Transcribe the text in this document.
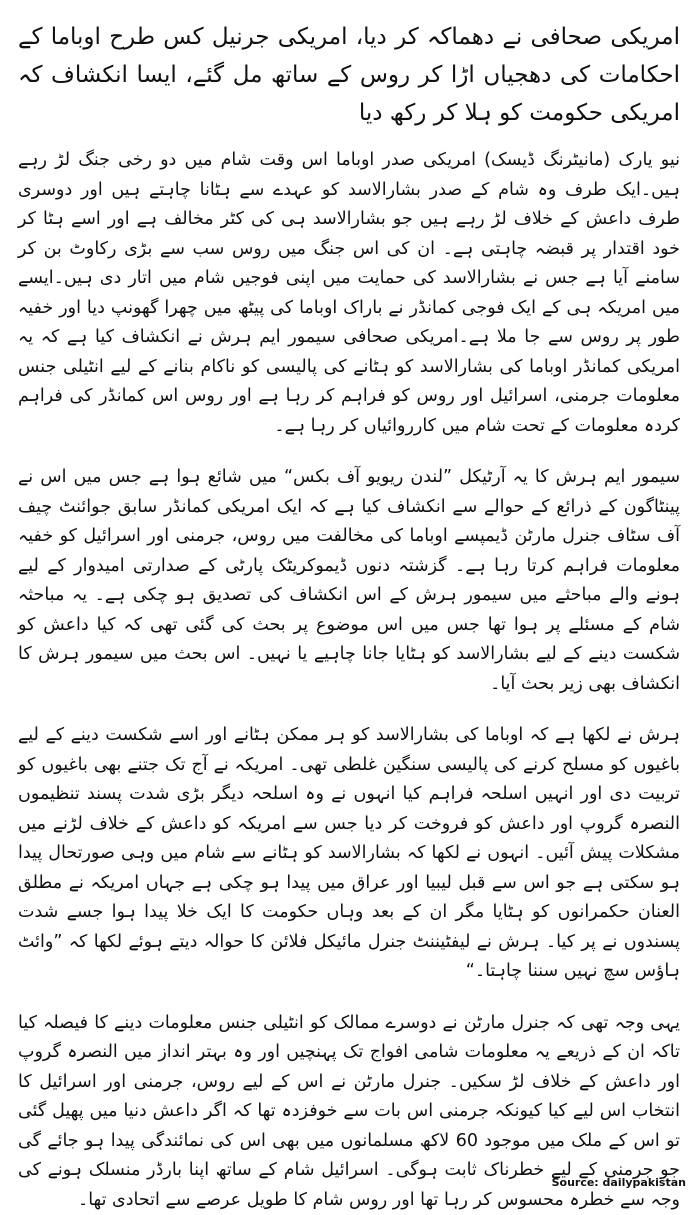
امریکی صحافی نے دھماکہ کر دیا، امریکی جرنیل کس طرح اوباما کے احکامات کی دھجیاں اڑا کر روس کے ساتھ مل گئے، ایسا انکشاف کہ امریکی حکومت کو ہلا کر رکھ دیا

نیو یارک (مانیٹرنگ ڈیسک) امریکی صدر اوباما اس وقت شام میں دو رخی جنگ لڑ رہے ہیں۔ایک طرف وہ شام کے صدر بشارالاسد کو عہدے سے ہٹانا چاہتے ہیں اور دوسری طرف داعش کے خلاف لڑ رہے ہیں جو بشارالاسد ہی کی کٹر مخالف ہے اور اسے ہٹا کر خود اقتدار پر قبضہ چاہتی ہے۔ ان کی اس جنگ میں روس سب سے بڑی رکاوٹ بن کر سامنے آیا ہے جس نے بشارالاسد کی حمایت میں اپنی فوجیں شام میں اتار دی ہیں۔ایسے میں امریکہ ہی کے ایک فوجی کمانڈر نے باراک اوباما کی پیٹھ میں چھرا گھونپ دیا اور خفیہ طور پر روس سے جا ملا ہے۔امریکی صحافی سیمور ایم ہرش نے انکشاف کیا ہے کہ یہ امریکی کمانڈر اوباما کی بشارالاسد کو ہٹانے کی پالیسی کو ناکام بنانے کے لیے انٹیلی جنس معلومات جرمنی، اسرائیل اور روس کو فراہم کر رہا ہے اور روس اس کمانڈر کی فراہم کردہ معلومات کے تحت شام میں کارروائیاں کر رہا ہے۔

سیمور ایم ہرش کا یہ آرٹیکل ”لندن ریویو آف بکس“ میں شائع ہوا ہے جس میں اس نے پینٹاگون کے ذرائع کے حوالے سے انکشاف کیا ہے کہ ایک امریکی کمانڈر سابق جوائنٹ چیف آف سٹاف جنرل مارٹن ڈیمپسے اوباما کی مخالفت میں روس، جرمنی اور اسرائیل کو خفیہ معلومات فراہم کرتا رہا ہے۔ گزشتہ دنوں ڈیموکریٹک پارٹی کے صدارتی امیدوار کے لیے ہونے والے مباحثے میں سیمور ہرش کے اس انکشاف کی تصدیق ہو چکی ہے۔ یہ مباحثہ شام کے مسئلے پر ہوا تھا جس میں اس موضوع پر بحث کی گئی تھی کہ کیا داعش کو شکست دینے کے لیے بشارالاسد کو ہٹایا جانا چاہیے یا نہیں۔ اس بحث میں سیمور ہرش کا انکشاف بھی زیر بحث آیا۔

ہرش نے لکھا ہے کہ اوباما کی بشارالاسد کو ہر ممکن ہٹانے اور اسے شکست دینے کے لیے باغیوں کو مسلح کرنے کی پالیسی سنگین غلطی تھی۔ امریکہ نے آج تک جتنے بھی باغیوں کو تربیت دی اور انہیں اسلحہ فراہم کیا انہوں نے وہ اسلحہ دیگر بڑی شدت پسند تنظیموں النصرہ گروپ اور داعش کو فروخت کر دیا جس سے امریکہ کو داعش کے خلاف لڑنے میں مشکلات پیش آئیں۔ انہوں نے لکھا کہ بشارالاسد کو ہٹانے سے شام میں وہی صورتحال پیدا ہو سکتی ہے جو اس سے قبل لیبیا اور عراق میں پیدا ہو چکی ہے جہاں امریکہ نے مطلق العنان حکمرانوں کو ہٹایا مگر ان کے بعد وہاں حکومت کا ایک خلا پیدا ہوا جسے شدت پسندوں نے پر کیا۔ ہرش نے لیفٹیننٹ جنرل مائیکل فلائن کا حوالہ دیتے ہوئے لکھا کہ ”وائٹ ہاؤس سچ نہیں سننا چاہتا۔“

یہی وجہ تھی کہ جنرل مارٹن نے دوسرے ممالک کو انٹیلی جنس معلومات دینے کا فیصلہ کیا تاکہ ان کے ذریعے یہ معلومات شامی افواج تک پہنچیں اور وہ بہتر انداز میں النصرہ گروپ اور داعش کے خلاف لڑ سکیں۔ جنرل مارٹن نے اس کے لیے روس، جرمنی اور اسرائیل کا انتخاب اس لیے کیا کیونکہ جرمنی اس بات سے خوفزدہ تھا کہ اگر داعش دنیا میں پھیل گئی تو اس کے ملک میں موجود 60 لاکھ مسلمانوں میں بھی اس کی نمائندگی پیدا ہو جائے گی جو جرمنی کے لیے خطرناک ثابت ہوگی۔ اسرائیل شام کے ساتھ اپنا بارڈر منسلک ہونے کی وجہ سے خطرہ محسوس کر رہا تھا اور روس شام کا طویل عرصے سے اتحادی تھا۔

Source: dailypakistan
